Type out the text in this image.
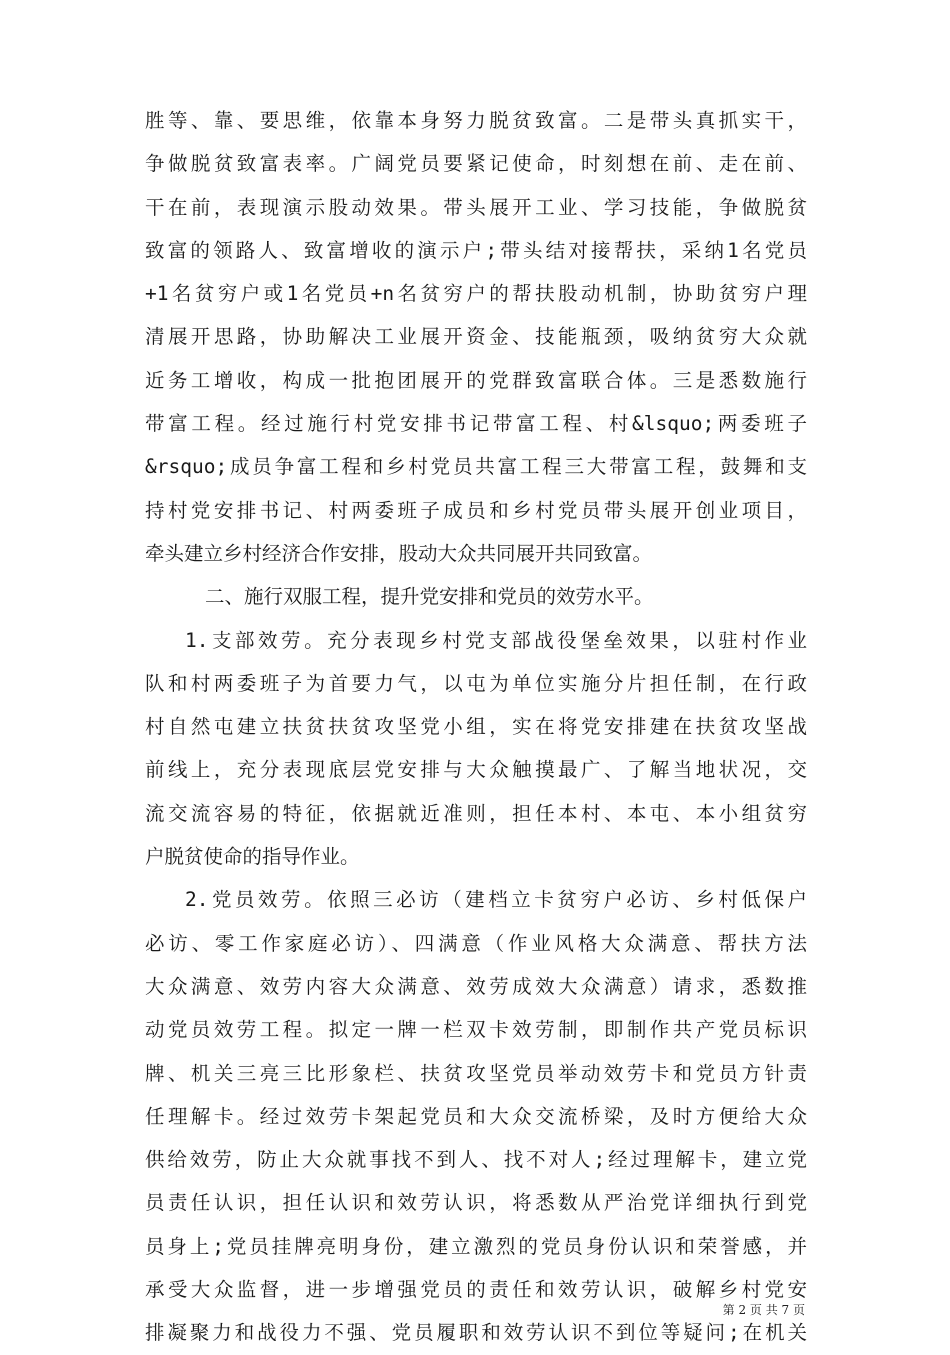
胜等、靠、要思维，依靠本身努力脱贫致富。二是带头真抓实干，
争做脱贫致富表率。广阔党员要紧记使命，时刻想在前、走在前、
干在前，表现演示股动效果。带头展开工业、学习技能，争做脱贫
致富的领路人、致富增收的演示户;带头结对接帮扶，采纳1名党员
+1名贫穷户或1名党员+n名贫穷户的帮扶股动机制，协助贫穷户理
清展开思路，协助解决工业展开资金、技能瓶颈，吸纳贫穷大众就
近务工增收，构成一批抱团展开的党群致富联合体。三是悉数施行
带富工程。经过施行村党安排书记带富工程、村&lsquo;两委班子
&rsquo;成员争富工程和乡村党员共富工程三大带富工程，鼓舞和支
持村党安排书记、村两委班子成员和乡村党员带头展开创业项目，
牵头建立乡村经济合作安排，股动大众共同展开共同致富。
二、施行双服工程，提升党安排和党员的效劳水平。
1.支部效劳。充分表现乡村党支部战役堡垒效果，以驻村作业
队和村两委班子为首要力气，以屯为单位实施分片担任制，在行政
村自然屯建立扶贫扶贫攻坚党小组，实在将党安排建在扶贫攻坚战
前线上，充分表现底层党安排与大众触摸最广、了解当地状况，交
流交流容易的特征，依据就近准则，担任本村、本屯、本小组贫穷
户脱贫使命的指导作业。
2.党员效劳。依照三必访（建档立卡贫穷户必访、乡村低保户
必访、零工作家庭必访）、四满意（作业风格大众满意、帮扶方法
大众满意、效劳内容大众满意、效劳成效大众满意）请求，悉数推
动党员效劳工程。拟定一牌一栏双卡效劳制，即制作共产党员标识
牌、机关三亮三比形象栏、扶贫攻坚党员举动效劳卡和党员方针责
任理解卡。经过效劳卡架起党员和大众交流桥梁，及时方便给大众
供给效劳，防止大众就事找不到人、找不对人;经过理解卡，建立党
员责任认识，担任认识和效劳认识，将悉数从严治党详细执行到党
员身上;党员挂牌亮明身份，建立激烈的党员身份认识和荣誉感，并
承受大众监督，进一步增强党员的责任和效劳认识，破解乡村党安
排凝聚力和战役力不强、党员履职和效劳认识不到位等疑问;在机关
第 2 页 共 7 页
